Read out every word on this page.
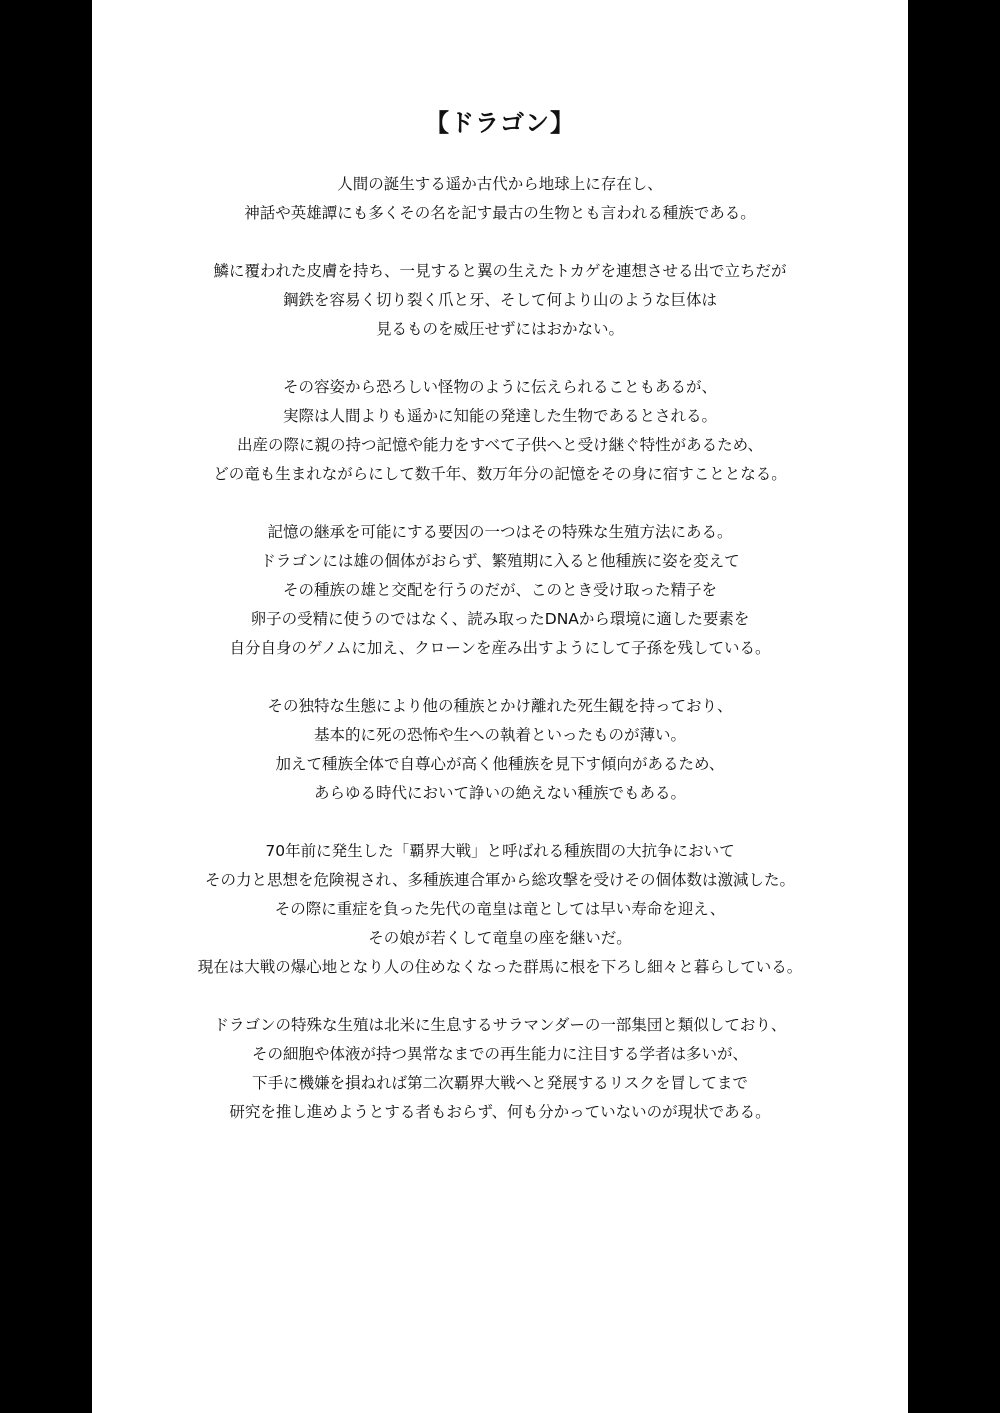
【ドラゴン】

人間の誕生する遥か古代から地球上に存在し、
神話や英雄譚にも多くその名を記す最古の生物とも言われる種族である。

鱗に覆われた皮膚を持ち、一見すると翼の生えたトカゲを連想させる出で立ちだが
鋼鉄を容易く切り裂く爪と牙、そして何より山のような巨体は
見るものを威圧せずにはおかない。

その容姿から恐ろしい怪物のように伝えられることもあるが、
実際は人間よりも遥かに知能の発達した生物であるとされる。
出産の際に親の持つ記憶や能力をすべて子供へと受け継ぐ特性があるため、
どの竜も生まれながらにして数千年、数万年分の記憶をその身に宿すこととなる。

記憶の継承を可能にする要因の一つはその特殊な生殖方法にある。
ドラゴンには雄の個体がおらず、繁殖期に入ると他種族に姿を変えて
その種族の雄と交配を行うのだが、このとき受け取った精子を
卵子の受精に使うのではなく、読み取ったDNAから環境に適した要素を
自分自身のゲノムに加え、クローンを産み出すようにして子孫を残している。

その独特な生態により他の種族とかけ離れた死生観を持っており、
基本的に死の恐怖や生への執着といったものが薄い。
加えて種族全体で自尊心が高く他種族を見下す傾向があるため、
あらゆる時代において諍いの絶えない種族でもある。

70年前に発生した「覇界大戦」と呼ばれる種族間の大抗争において
その力と思想を危険視され、多種族連合軍から総攻撃を受けその個体数は激減した。
その際に重症を負った先代の竜皇は竜としては早い寿命を迎え、
その娘が若くして竜皇の座を継いだ。
現在は大戦の爆心地となり人の住めなくなった群馬に根を下ろし細々と暮らしている。

ドラゴンの特殊な生殖は北米に生息するサラマンダーの一部集団と類似しており、
その細胞や体液が持つ異常なまでの再生能力に注目する学者は多いが、
下手に機嫌を損ねれば第二次覇界大戦へと発展するリスクを冒してまで
研究を推し進めようとする者もおらず、何も分かっていないのが現状である。
